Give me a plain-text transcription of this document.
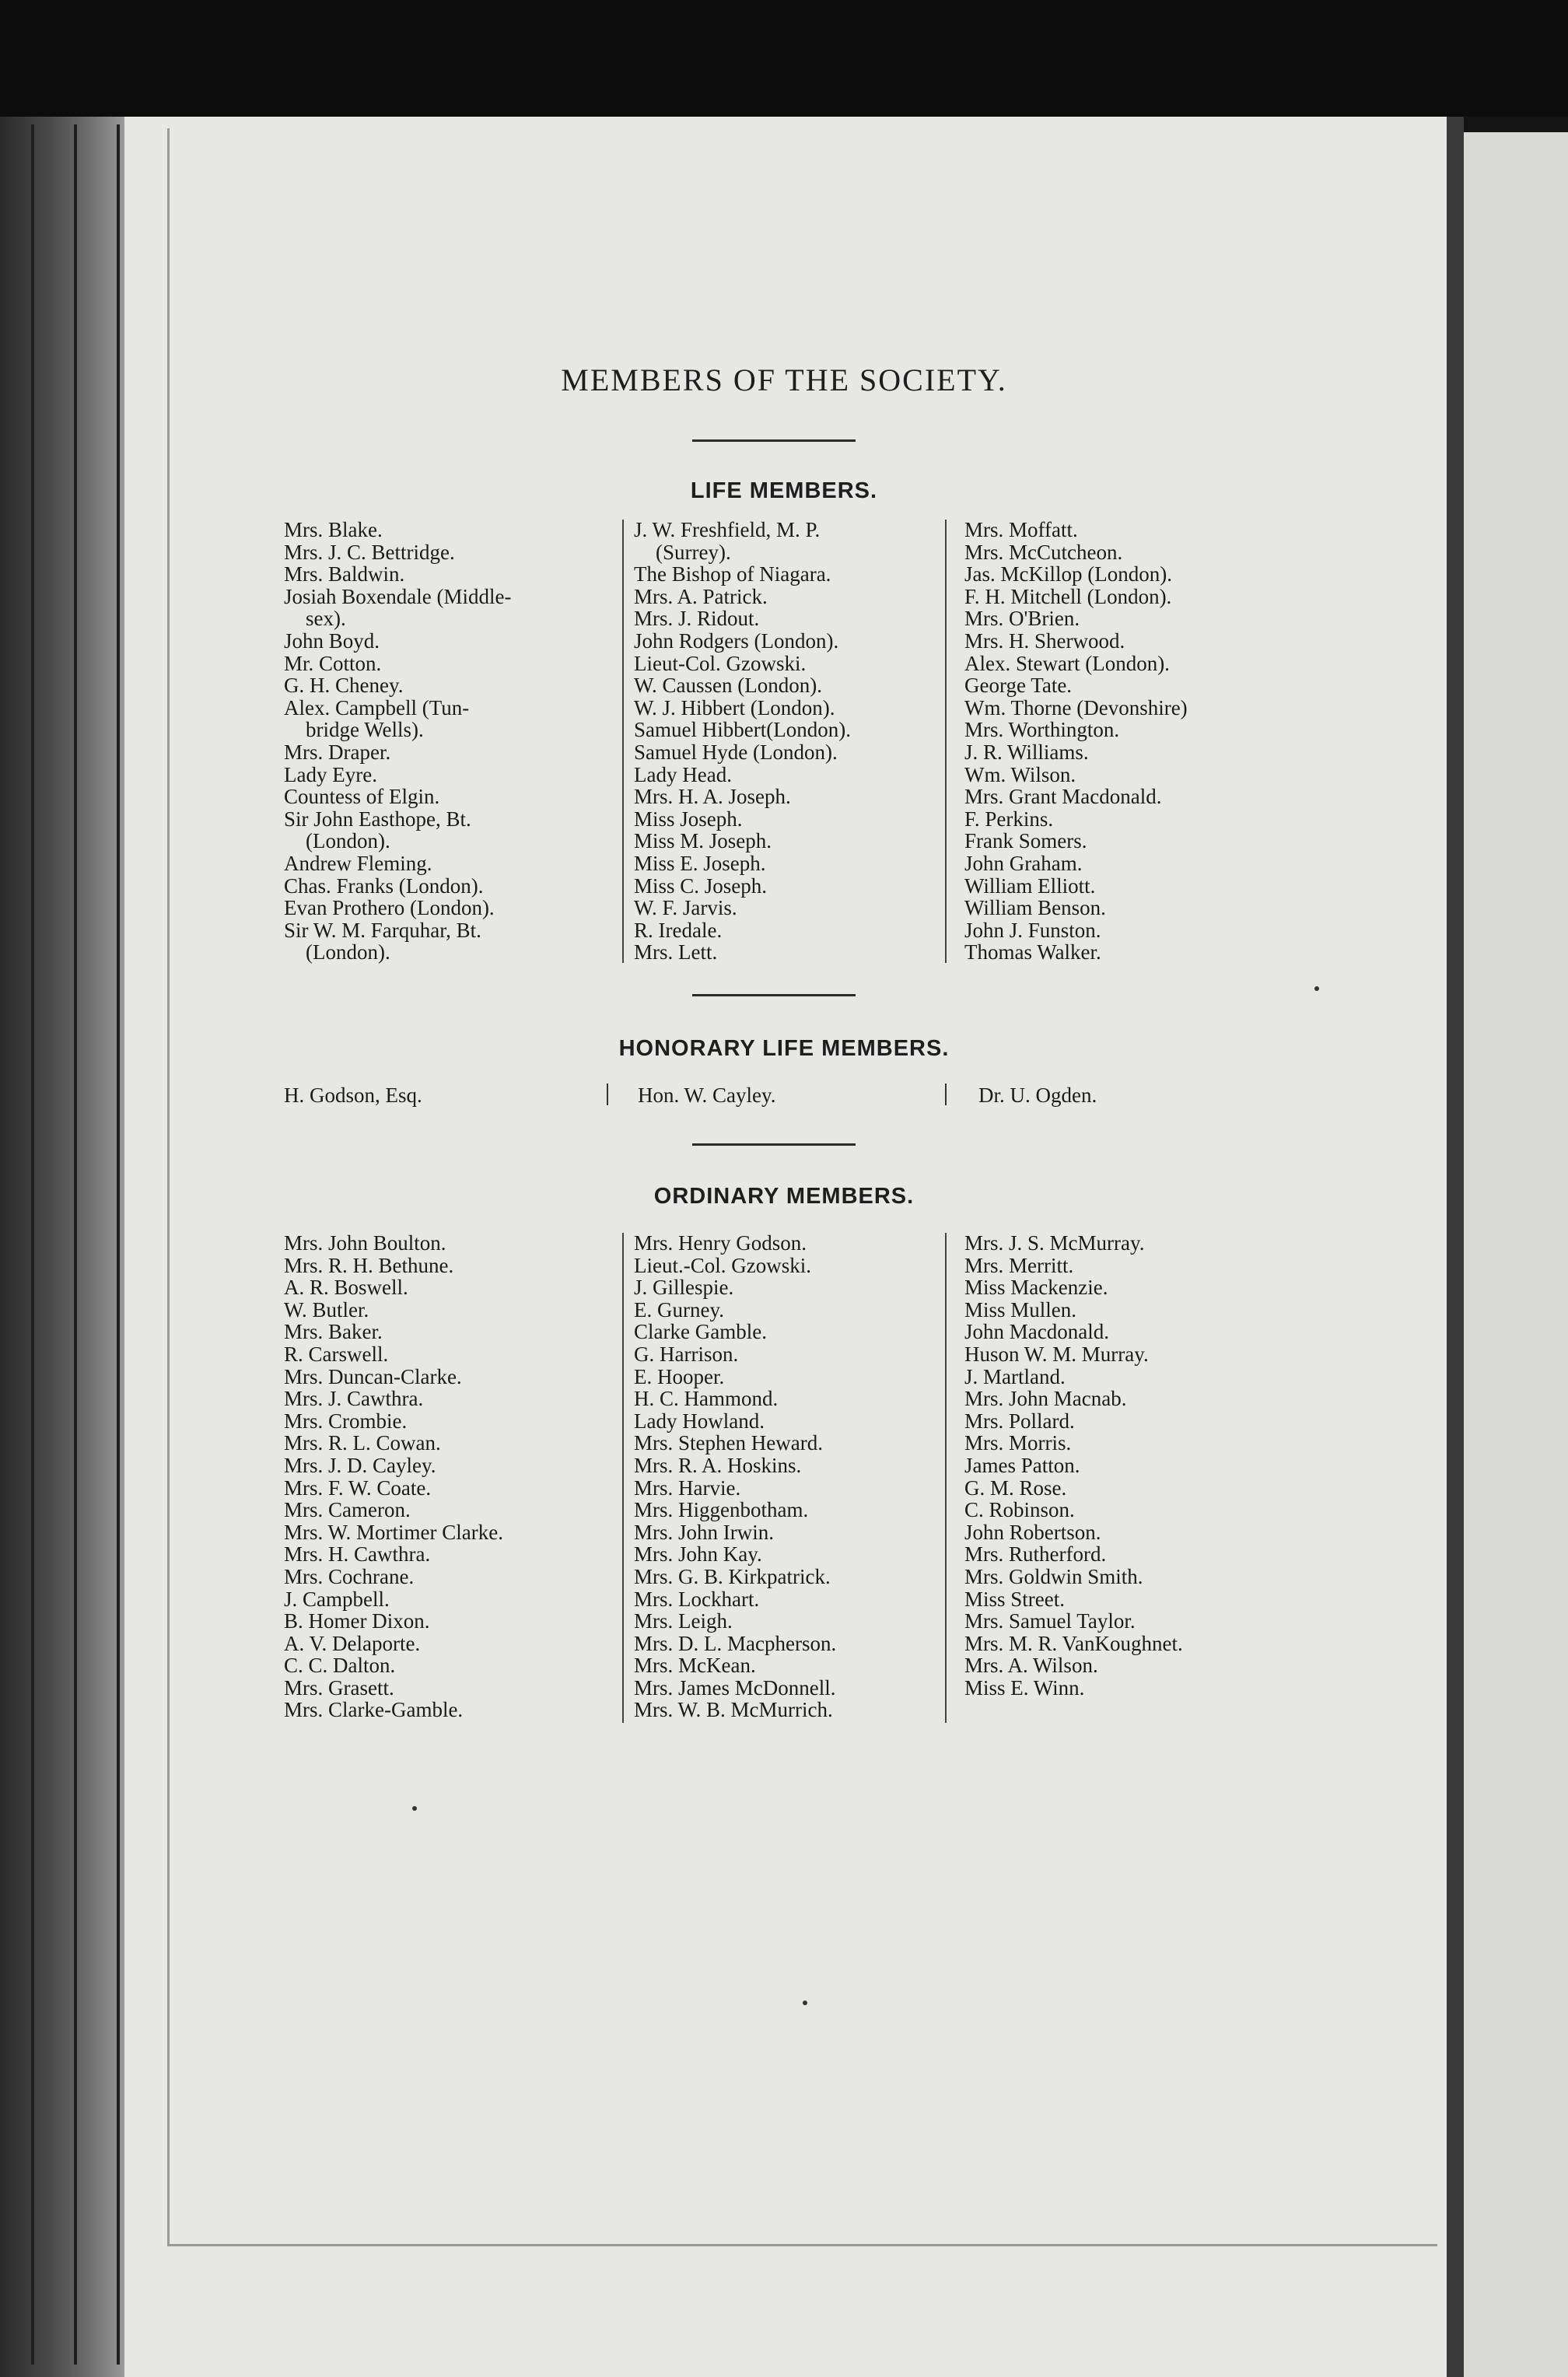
MEMBERS OF THE SOCIETY.
LIFE MEMBERS.
Mrs. Blake.
Mrs. J. C. Bettridge.
Mrs. Baldwin.
Josiah Boxendale (Middle-
sex).
John Boyd.
Mr. Cotton.
G. H. Cheney.
Alex. Campbell (Tun-
bridge Wells).
Mrs. Draper.
Lady Eyre.
Countess of Elgin.
Sir John Easthope, Bt.
(London).
Andrew Fleming.
Chas. Franks (London).
Evan Prothero (London).
Sir W. M. Farquhar, Bt.
(London).
J. W. Freshfield, M. P.
(Surrey).
The Bishop of Niagara.
Mrs. A. Patrick.
Mrs. J. Ridout.
John Rodgers (London).
Lieut-Col. Gzowski.
W. Caussen (London).
W. J. Hibbert (London).
Samuel Hibbert(London).
Samuel Hyde (London).
Lady Head.
Mrs. H. A. Joseph.
Miss Joseph.
Miss M. Joseph.
Miss E. Joseph.
Miss C. Joseph.
W. F. Jarvis.
R. Iredale.
Mrs. Lett.
Mrs. Moffatt.
Mrs. McCutcheon.
Jas. McKillop (London).
F. H. Mitchell (London).
Mrs. O'Brien.
Mrs. H. Sherwood.
Alex. Stewart (London).
George Tate.
Wm. Thorne (Devonshire)
Mrs. Worthington.
J. R. Williams.
Wm. Wilson.
Mrs. Grant Macdonald.
F. Perkins.
Frank Somers.
John Graham.
William Elliott.
William Benson.
John J. Funston.
Thomas Walker.
HONORARY LIFE MEMBERS.
H. Godson, Esq.	Hon. W. Cayley.	Dr. U. Ogden.
ORDINARY MEMBERS.
Mrs. John Boulton.
Mrs. R. H. Bethune.
A. R. Boswell.
W. Butler.
Mrs. Baker.
R. Carswell.
Mrs. Duncan-Clarke.
Mrs. J. Cawthra.
Mrs. Crombie.
Mrs. R. L. Cowan.
Mrs. J. D. Cayley.
Mrs. F. W. Coate.
Mrs. Cameron.
Mrs. W. Mortimer Clarke.
Mrs. H. Cawthra.
Mrs. Cochrane.
J. Campbell.
B. Homer Dixon.
A. V. Delaporte.
C. C. Dalton.
Mrs. Grasett.
Mrs. Clarke-Gamble.
Mrs. Henry Godson.
Lieut.-Col. Gzowski.
J. Gillespie.
E. Gurney.
Clarke Gamble.
G. Harrison.
E. Hooper.
H. C. Hammond.
Lady Howland.
Mrs. Stephen Heward.
Mrs. R. A. Hoskins.
Mrs. Harvie.
Mrs. Higgenbotham.
Mrs. John Irwin.
Mrs. John Kay.
Mrs. G. B. Kirkpatrick.
Mrs. Lockhart.
Mrs. Leigh.
Mrs. D. L. Macpherson.
Mrs. McKean.
Mrs. James McDonnell.
Mrs. W. B. McMurrich.
Mrs. J. S. McMurray.
Mrs. Merritt.
Miss Mackenzie.
Miss Mullen.
John Macdonald.
Huson W. M. Murray.
J. Martland.
Mrs. John Macnab.
Mrs. Pollard.
Mrs. Morris.
James Patton.
G. M. Rose.
C. Robinson.
John Robertson.
Mrs. Rutherford.
Mrs. Goldwin Smith.
Miss Street.
Mrs. Samuel Taylor.
Mrs. M. R. VanKoughnet.
Mrs. A. Wilson.
Miss E. Winn.
